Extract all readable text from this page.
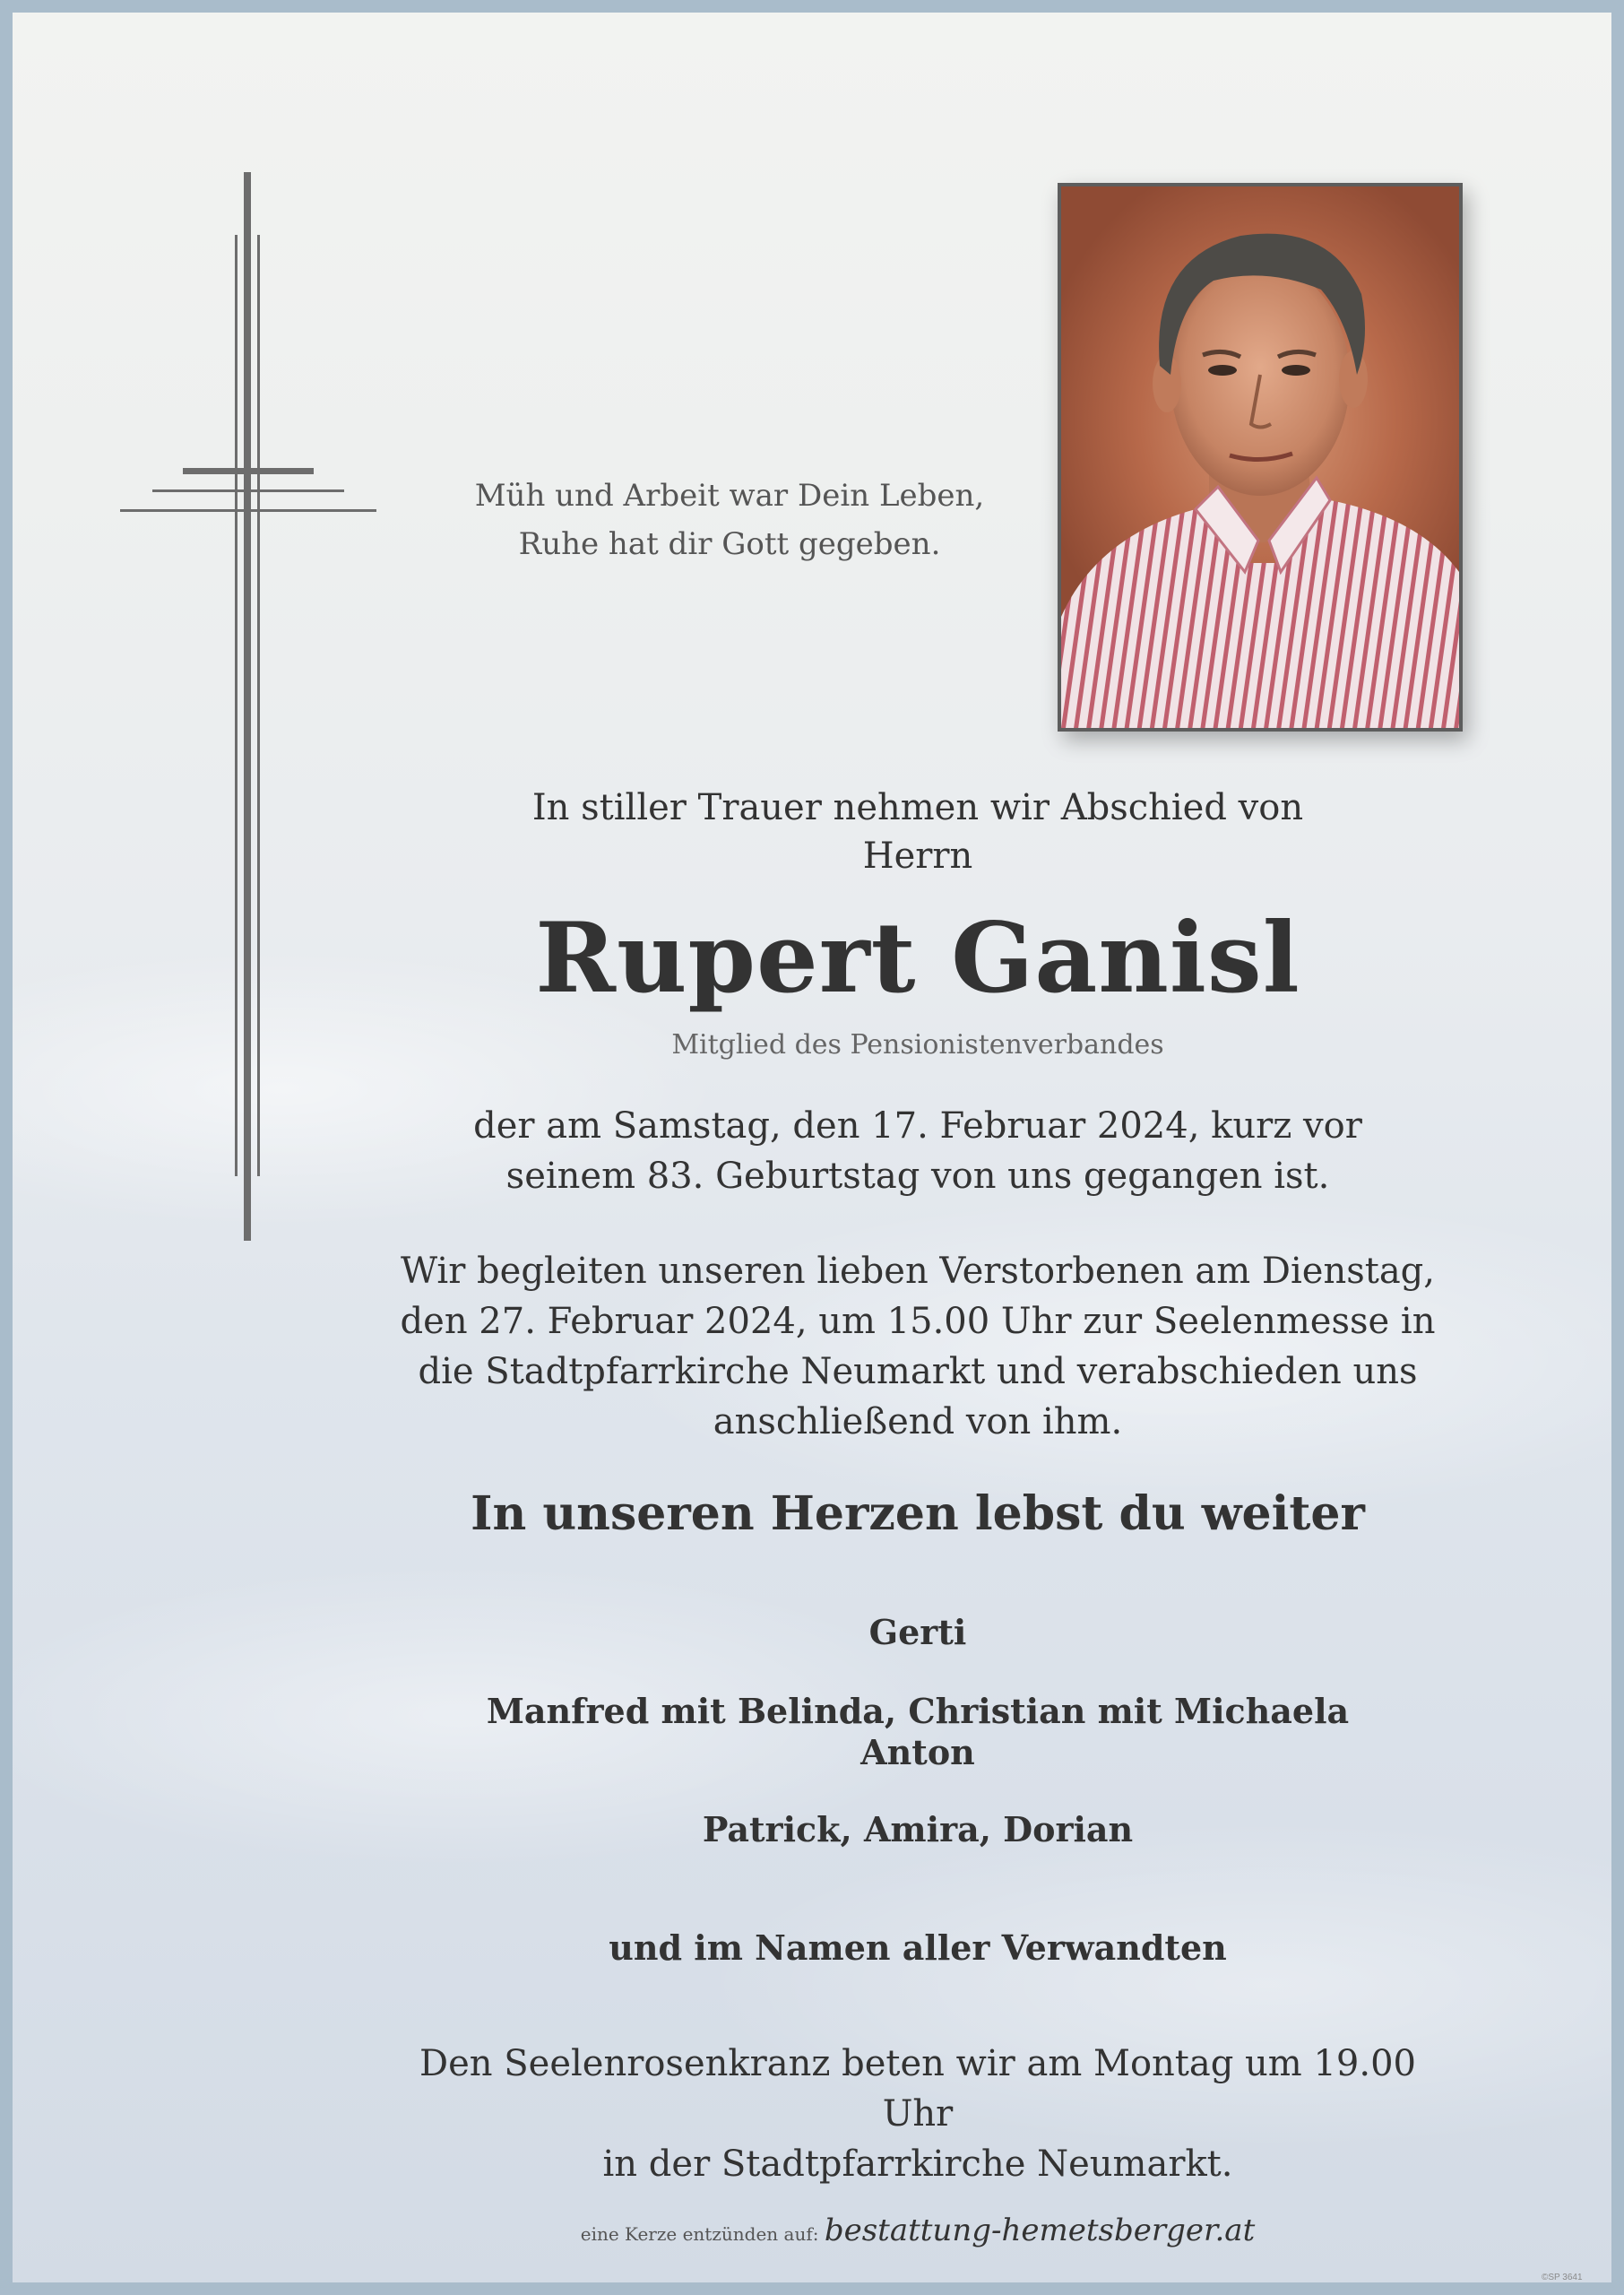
Müh und Arbeit war Dein Leben,
Ruhe hat dir Gott gegeben.
In stiller Trauer nehmen wir Abschied von
Herrn
Rupert Ganisl
Mitglied des Pensionistenverbandes
der am Samstag, den 17. Februar 2024, kurz vor
seinem 83. Geburtstag von uns gegangen ist.
Wir begleiten unseren lieben Verstorbenen am Dienstag,
den 27. Februar 2024, um 15.00 Uhr zur Seelenmesse in
die Stadtpfarrkirche Neumarkt und verabschieden uns
anschließend von ihm.
In unseren Herzen lebst du weiter
Gerti
Manfred mit Belinda, Christian mit Michaela
Anton
Patrick, Amira, Dorian
und im Namen aller Verwandten
Den Seelenrosenkranz beten wir am Montag um 19.00 Uhr
in der Stadtpfarrkirche Neumarkt.
eine Kerze entzünden auf: bestattung-hemetsberger.at
©SP 3641
